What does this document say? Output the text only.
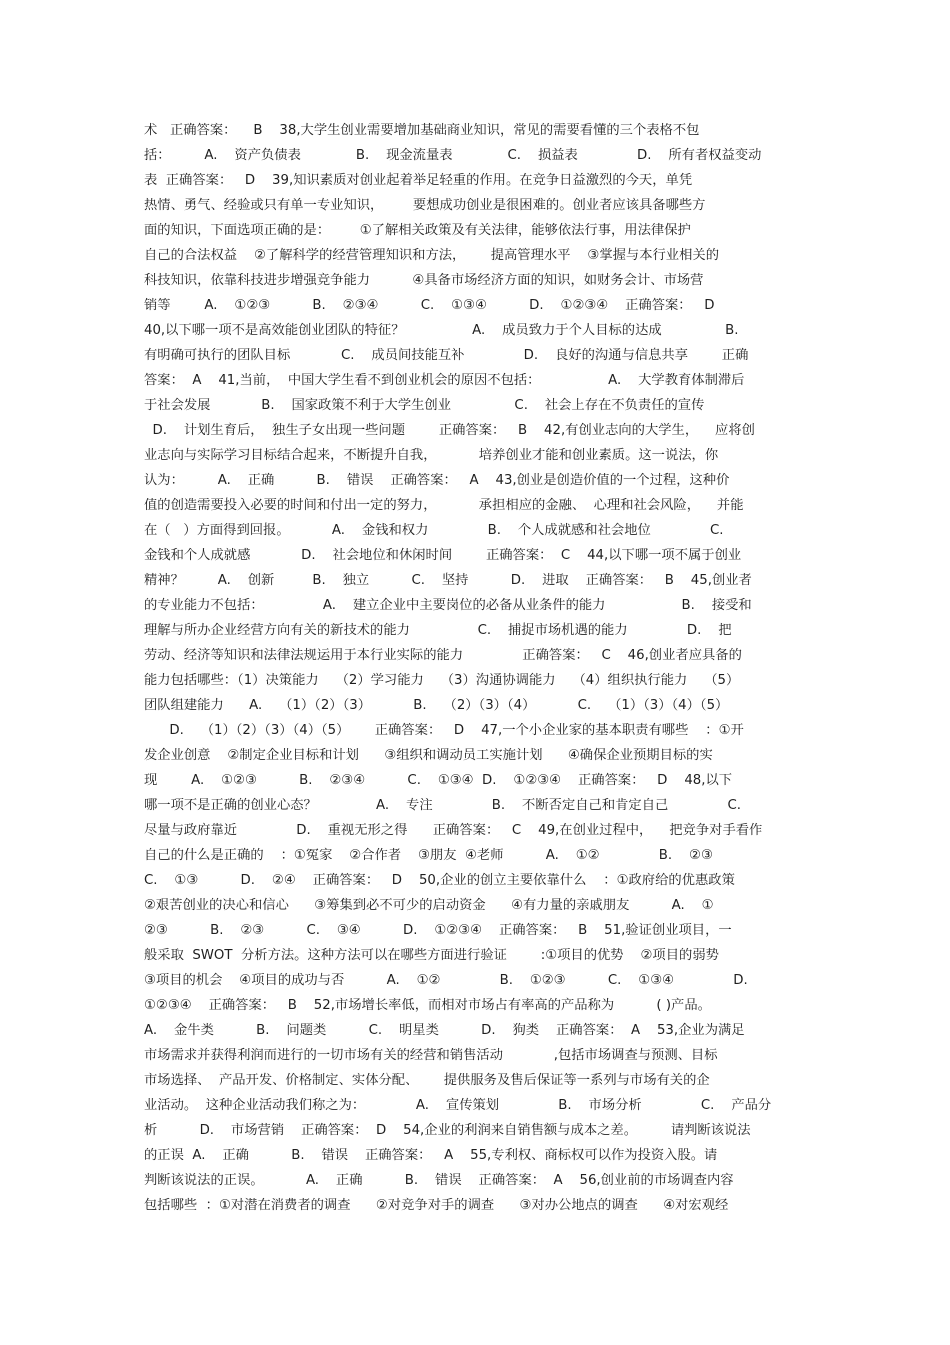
术   正确答案：    B    38,大学生创业需要增加基础商业知识，常见的需要看懂的三个表格不包
括：        A.    资产负债表             B.    现金流量表             C.    损益表              D.    所有者权益变动
表  正确答案：   D    39,知识素质对创业起着举足轻重的作用。在竞争日益激烈的今天，单凭
热情、勇气、经验或只有单一专业知识，       要想成功创业是很困难的。创业者应该具备哪些方
面的知识，下面选项正确的是：       ①了解相关政策及有关法律，能够依法行事，用法律保护
自己的合法权益    ②了解科学的经营管理知识和方法，      提高管理水平    ③掌握与本行业相关的
科技知识，依靠科技进步增强竞争能力          ④具备市场经济方面的知识，如财务会计、市场营
销等        A.    ①②③          B.    ②③④          C.    ①③④          D.    ①②③④    正确答案：   D
40,以下哪一项不是高效能创业团队的特征？                A.    成员致力于个人目标的达成               B.
有明确可执行的团队目标            C.    成员间技能互补              D.    良好的沟通与信息共享        正确
答案：  A    41,当前，  中国大学生看不到创业机会的原因不包括：                A.    大学教育体制滞后
于社会发展            B.    国家政策不利于大学生创业               C.    社会上存在不负责任的宣传
D.    计划生育后，  独生子女出现一些问题        正确答案：   B    42,有创业志向的大学生，    应将创
业志向与实际学习目标结合起来，不断提升自我，          培养创业才能和创业素质。这一说法，你
认为：        A.    正确          B.    错误    正确答案：   A    43,创业是创造价值的一个过程，这种价
值的创造需要投入必要的时间和付出一定的努力，          承担相应的金融、  心理和社会风险，    并能
在（   ）方面得到回报。          A.    金钱和权力              B.    个人成就感和社会地位              C.
金钱和个人成就感            D.    社会地位和休闲时间        正确答案：  C    44,以下哪一项不属于创业
精神？        A.    创新         B.    独立          C.    坚持          D.    进取    正确答案：   B    45,创业者
的专业能力不包括：              A.    建立企业中主要岗位的必备从业条件的能力                  B.    接受和
理解与所办企业经营方向有关的新技术的能力                C.    捕捉市场机遇的能力              D.    把
劳动、经济等知识和法律法规运用于本行业实际的能力              正确答案：   C    46,创业者应具备的
能力包括哪些：（1）决策能力    （2）学习能力    （3）沟通协调能力    （4）组织执行能力    （5）
团队组建能力      A.    （1）（2）（3）          B.    （2）（3）（4）          C.    （1）（3）（4）（5）
D.    （1）（2）（3）（4）（5）      正确答案：   D    47,一个小企业家的基本职责有哪些    ：①开
发企业创意    ②制定企业目标和计划      ③组织和调动员工实施计划      ④确保企业预期目标的实
现        A.    ①②③          B.    ②③④          C.    ①③④  D.    ①②③④    正确答案：   D    48,以下
哪一项不是正确的创业心态？              A.    专注              B.    不断否定自己和肯定自己              C.
尽量与政府靠近              D.    重视无形之得      正确答案：   C    49,在创业过程中，    把竞争对手看作
自己的什么是正确的    ：①冤家    ②合作者    ③朋友  ④老师          A.    ①②              B.    ②③
C.    ①③          D.    ②④    正确答案：   D    50,企业的创立主要依靠什么    ：①政府给的优惠政策
②艰苦创业的决心和信心      ③筹集到必不可少的启动资金      ④有力量的亲戚朋友          A.    ①
②③          B.    ②③          C.    ③④          D.    ①②③④    正确答案：   B    51,验证创业项目，一
般采取  SWOT  分析方法。这种方法可以在哪些方面进行验证        :①项目的优势    ②项目的弱势
③项目的机会    ④项目的成功与否          A.    ①②              B.    ①②③          C.    ①③④              D.
①②③④    正确答案：   B    52,市场增长率低，而相对市场占有率高的产品称为          ( )产品。
A.    金牛类          B.    问题类          C.    明星类          D.    狗类    正确答案：  A    53,企业为满足
市场需求并获得利润而进行的一切市场有关的经营和销售活动            ,包括市场调查与预测、目标
市场选择、  产品开发、价格制定、实体分配、      提供服务及售后保证等一系列与市场有关的企
业活动。  这种企业活动我们称之为：            A.    宣传策划              B.    市场分析              C.    产品分
析          D.    市场营销    正确答案：  D    54,企业的利润来自销售额与成本之差。        请判断该说法
的正误  A.    正确          B.    错误    正确答案：   A    55,专利权、商标权可以作为投资入股。请
判断该说法的正误。          A.    正确          B.    错误    正确答案：  A    56,创业前的市场调查内容
包括哪些  ：①对潜在消费者的调查      ②对竞争对手的调查      ③对办公地点的调查      ④对宏观经
